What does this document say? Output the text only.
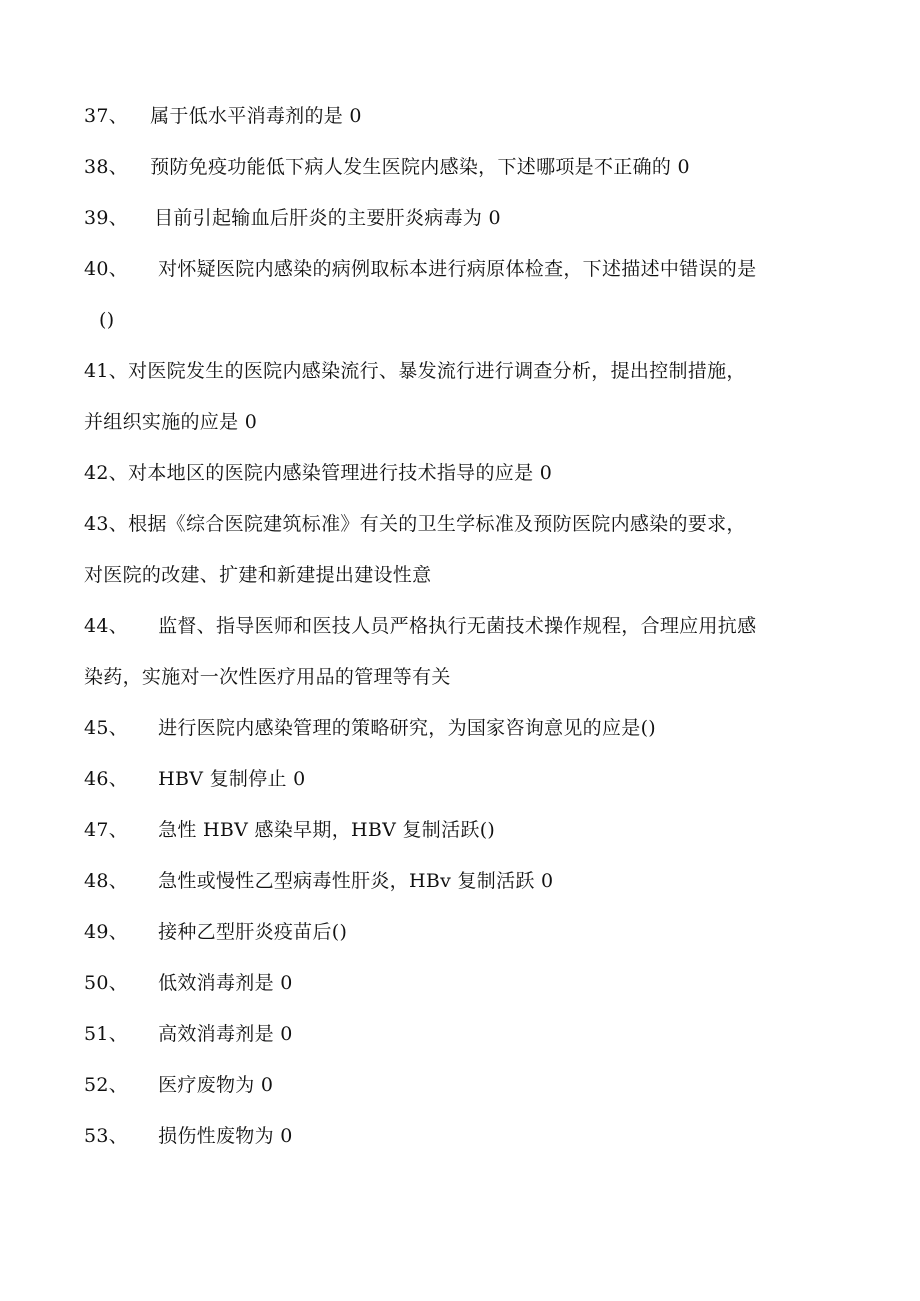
37、 属于低水平消毒剂的是 0
38、 预防免疫功能低下病人发生医院内感染，下述哪项是不正确的 0
39、 目前引起输血后肝炎的主要肝炎病毒为 0
40、 对怀疑医院内感染的病例取标本进行病原体检查，下述描述中错误的是
()
41、对医院发生的医院内感染流行、暴发流行进行调查分析，提出控制措施，
并组织实施的应是 0
42、对本地区的医院内感染管理进行技术指导的应是 0
43、根据《综合医院建筑标准》有关的卫生学标准及预防医院内感染的要求，
对医院的改建、扩建和新建提出建设性意
44、 监督、指导医师和医技人员严格执行无菌技术操作规程，合理应用抗感
染药，实施对一次性医疗用品的管理等有关
45、 进行医院内感染管理的策略研究，为国家咨询意见的应是()
46、 HBV 复制停止 0
47、 急性 HBV 感染早期，HBV 复制活跃()
48、 急性或慢性乙型病毒性肝炎，HBv 复制活跃 0
49、 接种乙型肝炎疫苗后()
50、 低效消毒剂是 0
51、 高效消毒剂是 0
52、 医疗废物为 0
53、 损伤性废物为 0
